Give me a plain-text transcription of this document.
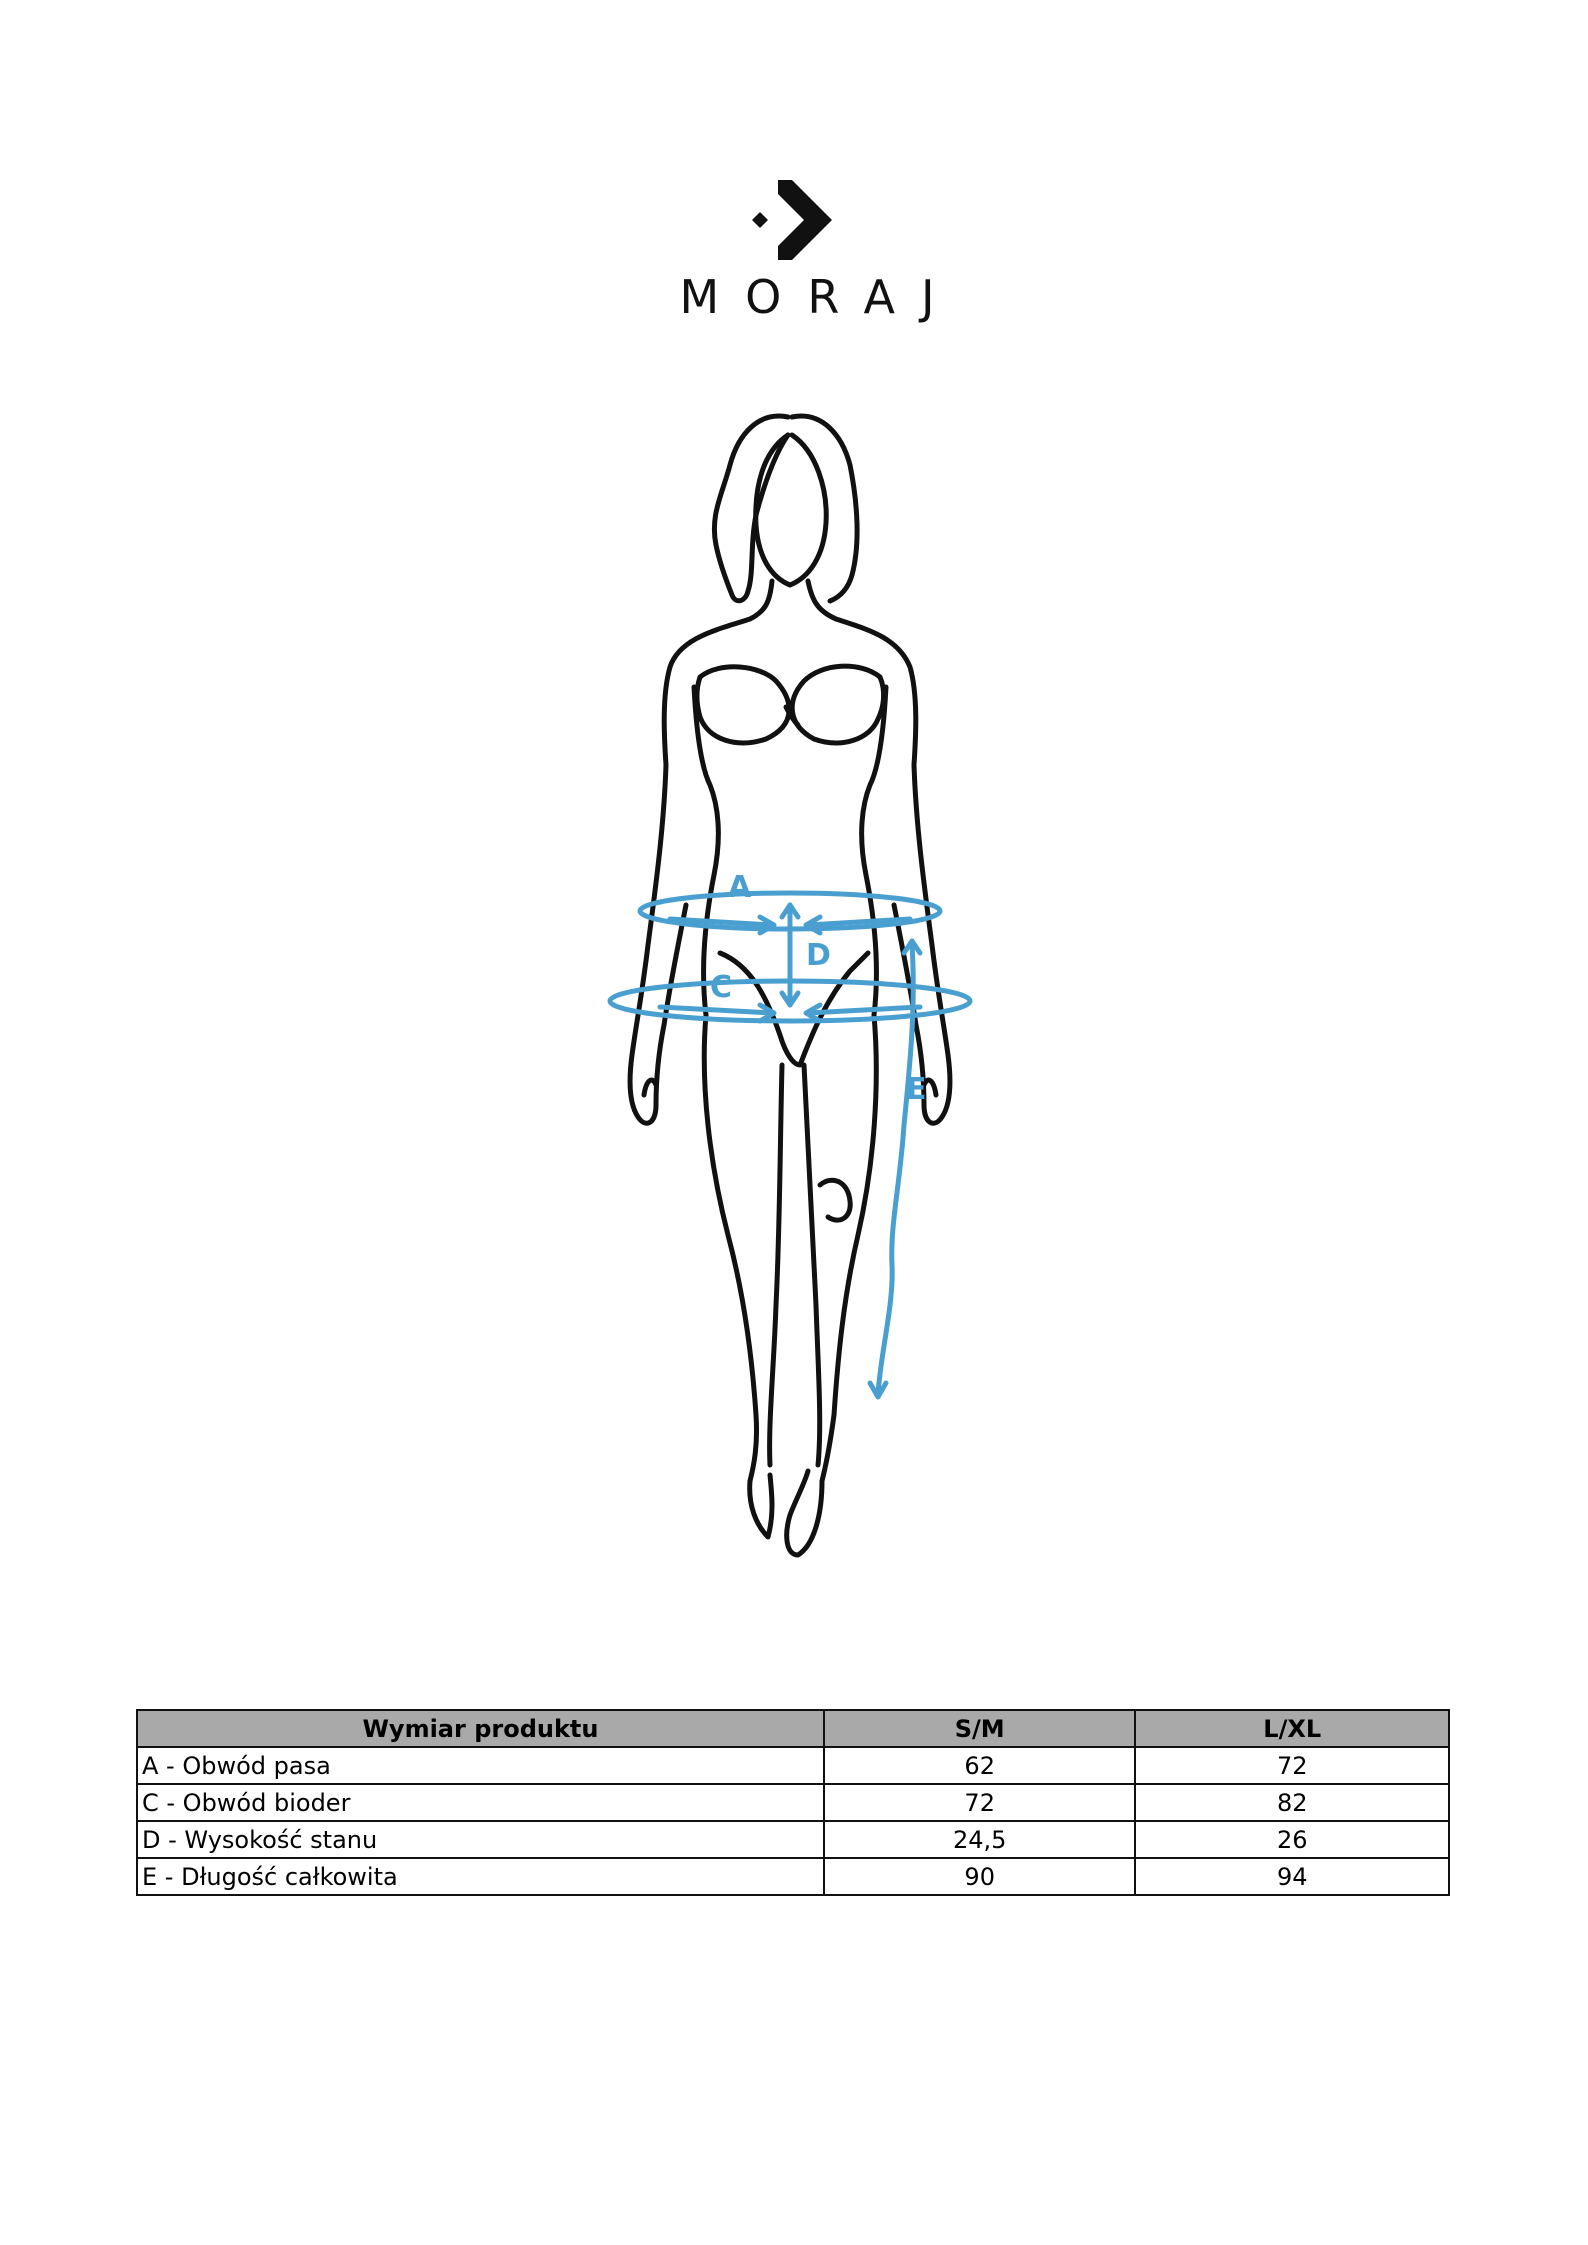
MORAJ
A
C
D
E
Wymiar produktu	S/M	L/XL
A - Obwód pasa	62	72
C - Obwód bioder	72	82
D - Wysokość stanu	24,5	26
E - Długość całkowita	90	94
